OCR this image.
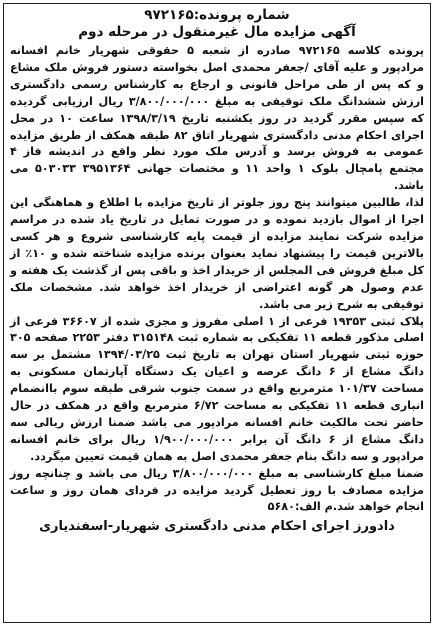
شماره پرونده:۹۷۲۱۶۵
آگهی مزایده مال غیرمنقول در مرحله دوم

پرونده کلاسه ۹۷۲۱۶۵ صادره از شعبه ۵ حقوقی شهریار خانم افسانه مرادپور و علیه آقای /جعفر محمدی اصل بخواسته دستور فروش ملک مشاع و که پس از طی مراحل قانونی و ارجاع به کارشناس رسمی دادگستری ارزش ششدانگ ملک توقیفی به مبلغ ۳/۸۰۰/۰۰۰/۰۰۰ ریال ارزیابی گردیده که سپس مقرر گردید در روز یکشنبه تاریخ ۱۳۹۸/۳/۱۹ ساعت ۱۰ در محل اجرای احکام مدنی دادگستری شهریار اتاق ۸۲ طبقه همکف از طریق مزایده عمومی به فروش برسد و آدرس ملک مورد نظر واقع در اندیشه فاز ۴ مجتمع پامچال بلوک ۱ واحد ۱۱ و مختصات جهانی ۳۹۵۱۳۶۴ ۵۰۳۰۳۳ می باشد.

لذا، طالبین میتوانند پنج روز جلوتر از تاریخ مزایده با اطلاع و هماهنگی این اجرا از اموال بازدید نموده و در صورت تمایل در تاریخ یاد شده در مراسم مزایده شرکت نمایند مزایده از قیمت پایه کارشناسی شروع و هر کسی بالاترین قیمت را پیشنهاد نماید بعنوان برنده مزایده شناخته شده و ۱۰٪ از کل مبلغ فروش فی المجلس از خریدار اخذ و باقی پس از گذشت یک هفته و عدم وصول هر گونه اعتراضی از خریدار اخذ خواهد شد. مشخصات ملک توقیفی به شرح زیر می باشد.

پلاک ثبتی ۱۹۳۵۳ فرعی از ۱ اصلی مفروز و مجزی شده از ۳۶۶۰۷ فرعی از اصلی مذکور قطعه ۱۱ تفکیکی به شماره ثبت ۳۱۵۱۴۸ دفتر ۲۲۵۳ صفحه ۳۰۵ حوزه ثبتی شهریار استان تهران به تاریخ ثبت ۱۳۹۴/۰۳/۲۵ مشتمل بر سه دانگ مشاع از ۶ دانگ عرصه و اعیان یک دستگاه آپارتمان مسکونی به مساحت ۱۰۱/۳۷ مترمربع واقع در سمت جنوب شرقی طبقه سوم باانضمام انباری قطعه ۱۱ تفکیکی به مساحت ۶/۷۲ مترمربع واقع در همکف در حال حاضر تحت مالکیت خانم افسانه مرادپور می باشد ضمنا ارزش ریالی سه دانگ مشاع از ۶ دانگ آن برابر ۱/۹۰۰/۰۰۰/۰۰۰ ریال برای خانم افسانه مرادپور و سه دانگ بنام جعفر محمدی اصل به همان قیمت تعیین میگردد.

ضمنا مبلغ کارشناسی به مبلغ ۳/۸۰۰/۰۰۰/۰۰۰ ریال می باشد و چنانچه روز مزایده مصادف با روز تعطیل گردید مزایده در فردای همان روز و ساعت انجام خواهد شد.م الف:۵۶۸۰

دادورز اجرای احکام مدنی دادگستری شهریار-اسفندیاری
